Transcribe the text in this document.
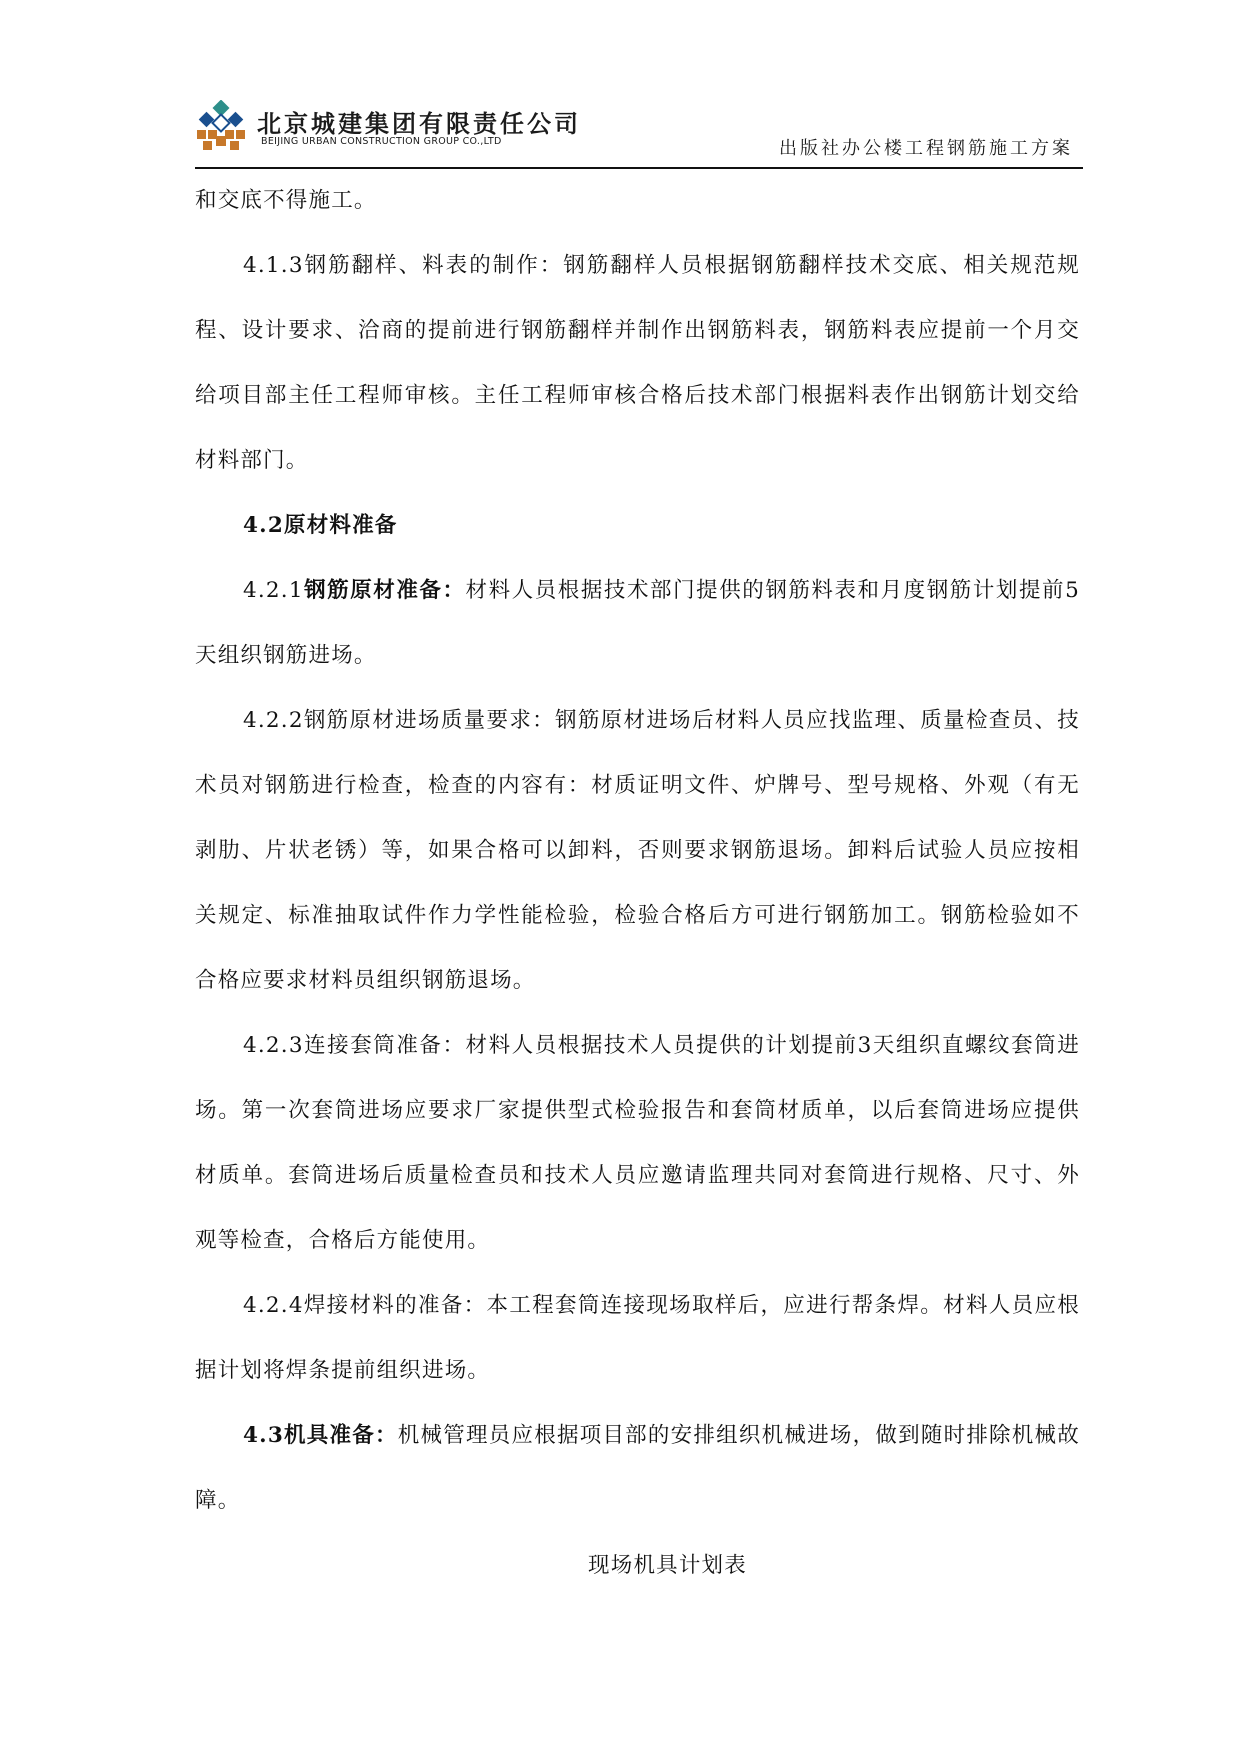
北京城建集团有限责任公司
BEIJING URBAN CONSTRUCTION GROUP CO.,LTD	出版社办公楼工程钢筋施工方案

和交底不得施工。

4.1.3钢筋翻样、料表的制作：钢筋翻样人员根据钢筋翻样技术交底、相关规范规程、设计要求、洽商的提前进行钢筋翻样并制作出钢筋料表，钢筋料表应提前一个月交给项目部主任工程师审核。主任工程师审核合格后技术部门根据料表作出钢筋计划交给材料部门。

4.2原材料准备

4.2.1钢筋原材准备：材料人员根据技术部门提供的钢筋料表和月度钢筋计划提前5天组织钢筋进场。

4.2.2钢筋原材进场质量要求：钢筋原材进场后材料人员应找监理、质量检查员、技术员对钢筋进行检查，检查的内容有：材质证明文件、炉牌号、型号规格、外观（有无剥肋、片状老锈）等，如果合格可以卸料，否则要求钢筋退场。卸料后试验人员应按相关规定、标准抽取试件作力学性能检验，检验合格后方可进行钢筋加工。钢筋检验如不合格应要求材料员组织钢筋退场。

4.2.3连接套筒准备：材料人员根据技术人员提供的计划提前3天组织直螺纹套筒进场。第一次套筒进场应要求厂家提供型式检验报告和套筒材质单，以后套筒进场应提供材质单。套筒进场后质量检查员和技术人员应邀请监理共同对套筒进行规格、尺寸、外观等检查，合格后方能使用。

4.2.4焊接材料的准备：本工程套筒连接现场取样后，应进行帮条焊。材料人员应根据计划将焊条提前组织进场。

4.3机具准备：机械管理员应根据项目部的安排组织机械进场，做到随时排除机械故障。

现场机具计划表
